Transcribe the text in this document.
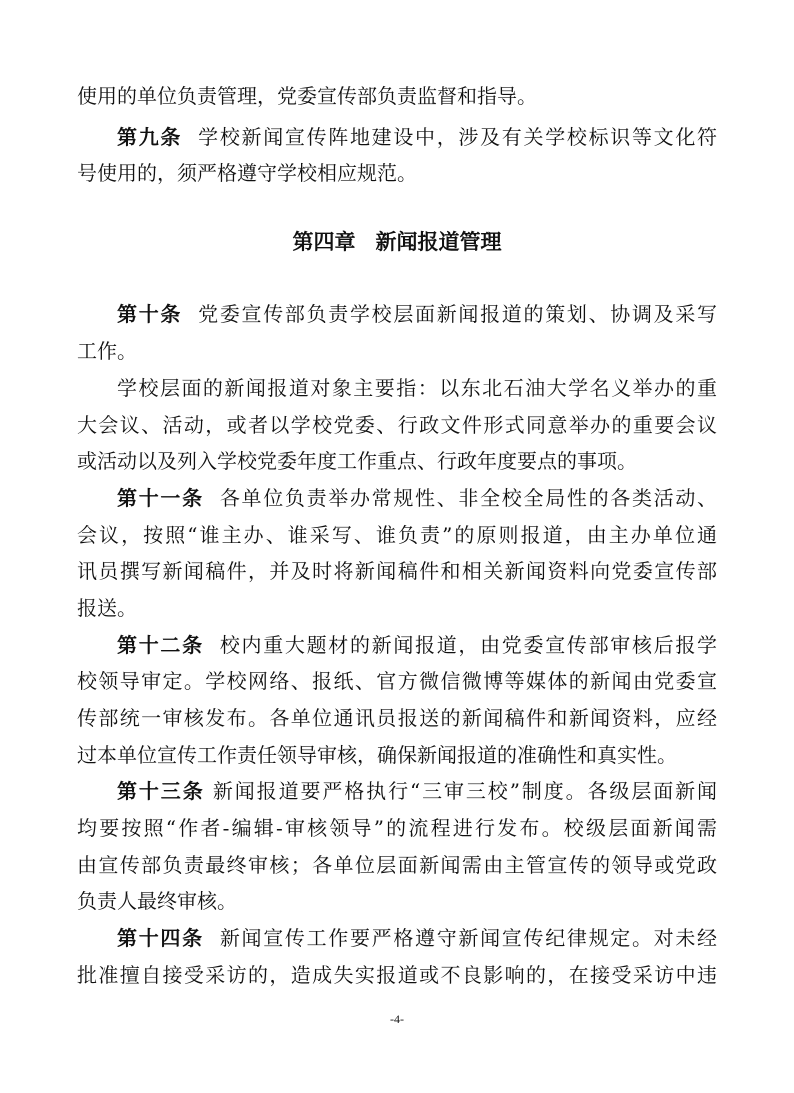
使用的单位负责管理，党委宣传部负责监督和指导。
第九条 学校新闻宣传阵地建设中，涉及有关学校标识等文化符
号使用的，须严格遵守学校相应规范。
第四章 新闻报道管理
第十条 党委宣传部负责学校层面新闻报道的策划、协调及采写
工作。
学校层面的新闻报道对象主要指：以东北石油大学名义举办的重
大会议、活动，或者以学校党委、行政文件形式同意举办的重要会议
或活动以及列入学校党委年度工作重点、行政年度要点的事项。
第十一条 各单位负责举办常规性、非全校全局性的各类活动、
会议，按照“谁主办、谁采写、谁负责”的原则报道，由主办单位通
讯员撰写新闻稿件，并及时将新闻稿件和相关新闻资料向党委宣传部
报送。
第十二条 校内重大题材的新闻报道，由党委宣传部审核后报学
校领导审定。学校网络、报纸、官方微信微博等媒体的新闻由党委宣
传部统一审核发布。各单位通讯员报送的新闻稿件和新闻资料，应经
过本单位宣传工作责任领导审核，确保新闻报道的准确性和真实性。
第十三条 新闻报道要严格执行“三审三校”制度。各级层面新闻
均要按照“作者-编辑-审核领导”的流程进行发布。校级层面新闻需
由宣传部负责最终审核；各单位层面新闻需由主管宣传的领导或党政
负责人最终审核。
第十四条 新闻宣传工作要严格遵守新闻宣传纪律规定。对未经
批准擅自接受采访的，造成失实报道或不良影响的，在接受采访中违
-4-
